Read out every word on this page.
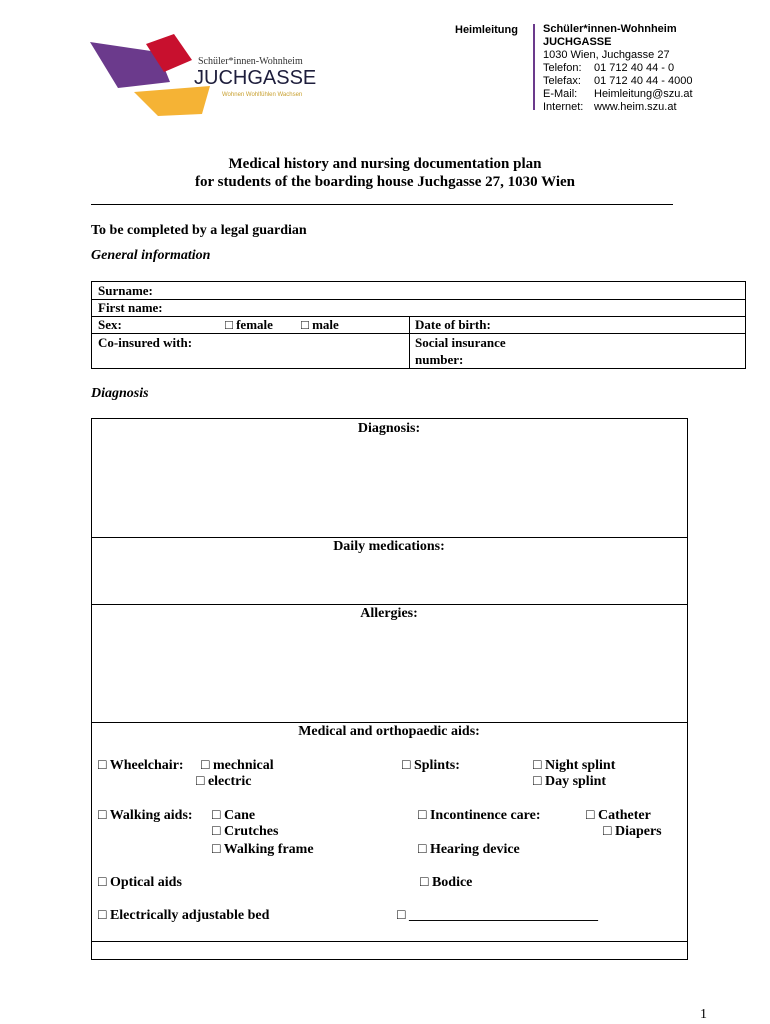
Schüler*innen-Wohnheim
JUCHGASSE
Wohnen Wohlfühlen Wachsen
Heimleitung Schüler*innen-Wohnheim
JUCHGASSE
1030 Wien, Juchgasse 27
Telefon: 01 712 40 44 - 0
Telefax: 01 712 40 44 - 4000
E-Mail: Heimleitung@szu.at
Internet: www.heim.szu.at
Medical history and nursing documentation plan
for students of the boarding house Juchgasse 27, 1030 Wien
To be completed by a legal guardian
General information
Surname:
First name:
Sex:	□ female □ male	Date of birth:
Co-insured with:	Social insurance
number:
Diagnosis
Diagnosis:
Daily medications:
Allergies:
Medical and orthopaedic aids:
□ Wheelchair: □ mechnical
□ electric
□ Splints:	□ Night splint
□ Day splint
□ Walking aids: □ Cane
□ Crutches
□ Walking frame
□ Incontinence care:	□ Catheter
□ Diapers
□ Hearing device
□ Optical aids	□ Bodice
□ Electrically adjustable bed	□ ___________________________
1
